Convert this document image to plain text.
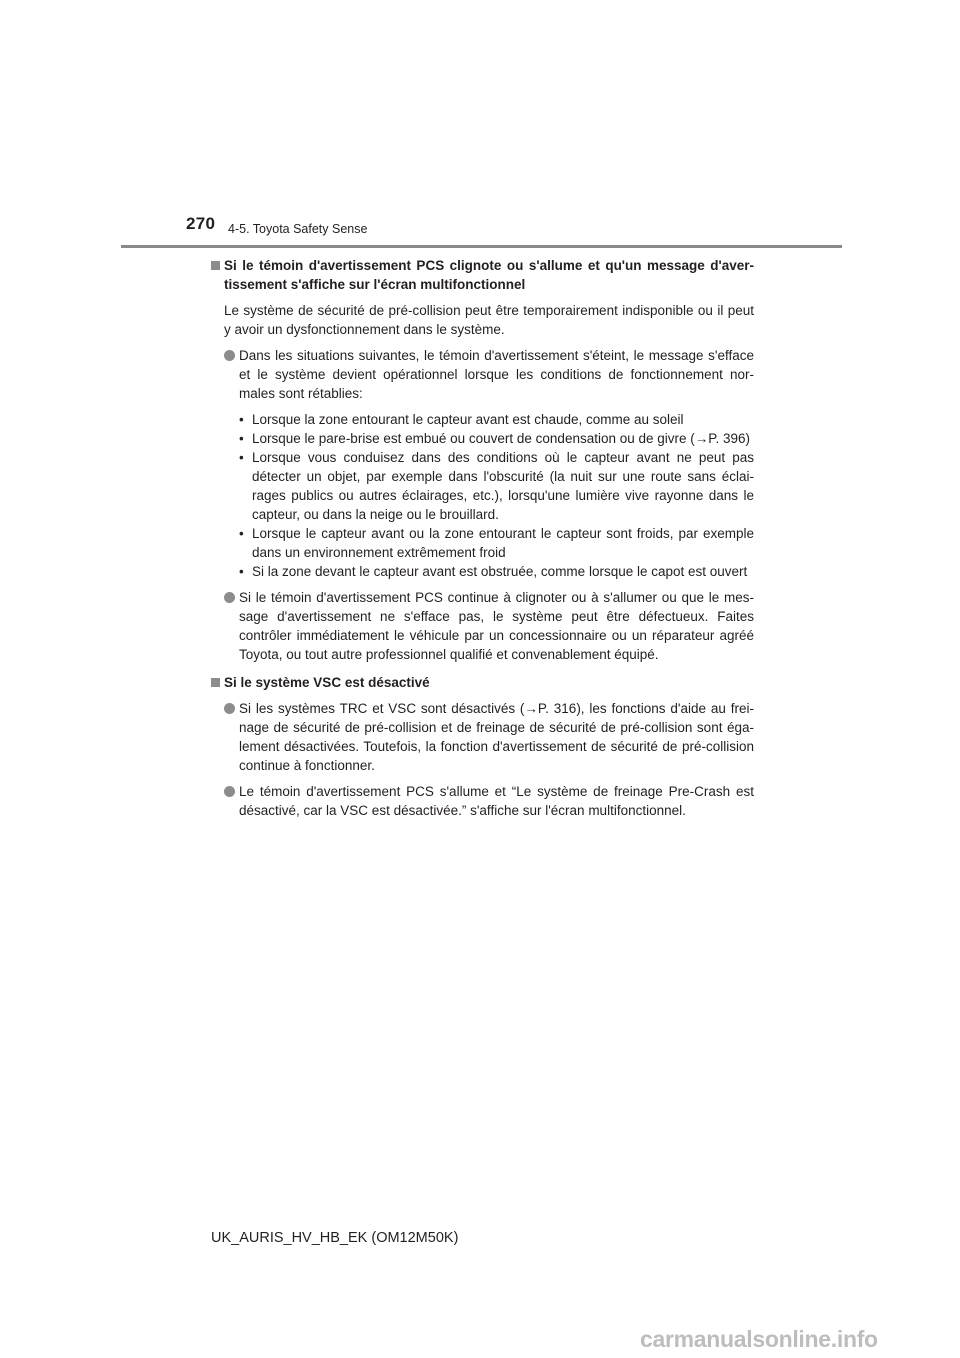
270 4-5. Toyota Safety Sense
Si le témoin d'avertissement PCS clignote ou s'allume et qu'un message d'aver-tissement s'affiche sur l'écran multifonctionnel
Le système de sécurité de pré-collision peut être temporairement indisponible ou il peut y avoir un dysfonctionnement dans le système.
Dans les situations suivantes, le témoin d'avertissement s'éteint, le message s'efface et le système devient opérationnel lorsque les conditions de fonctionnement nor-males sont rétablies:
• Lorsque la zone entourant le capteur avant est chaude, comme au soleil
• Lorsque le pare-brise est embué ou couvert de condensation ou de givre (→P. 396)
• Lorsque vous conduisez dans des conditions où le capteur avant ne peut pas détecter un objet, par exemple dans l'obscurité (la nuit sur une route sans éclai-rages publics ou autres éclairages, etc.), lorsqu'une lumière vive rayonne dans le capteur, ou dans la neige ou le brouillard.
• Lorsque le capteur avant ou la zone entourant le capteur sont froids, par exemple dans un environnement extrêmement froid
• Si la zone devant le capteur avant est obstruée, comme lorsque le capot est ouvert
Si le témoin d'avertissement PCS continue à clignoter ou à s'allumer ou que le mes-sage d'avertissement ne s'efface pas, le système peut être défectueux. Faites contrôler immédiatement le véhicule par un concessionnaire ou un réparateur agréé Toyota, ou tout autre professionnel qualifié et convenablement équipé.
Si le système VSC est désactivé
Si les systèmes TRC et VSC sont désactivés (→P. 316), les fonctions d'aide au frei-nage de sécurité de pré-collision et de freinage de sécurité de pré-collision sont éga-lement désactivées. Toutefois, la fonction d'avertissement de sécurité de pré-collision continue à fonctionner.
Le témoin d'avertissement PCS s'allume et “Le système de freinage Pre-Crash est désactivé, car la VSC est désactivée.” s'affiche sur l'écran multifonctionnel.
UK_AURIS_HV_HB_EK (OM12M50K)
carmanualsonline.info
